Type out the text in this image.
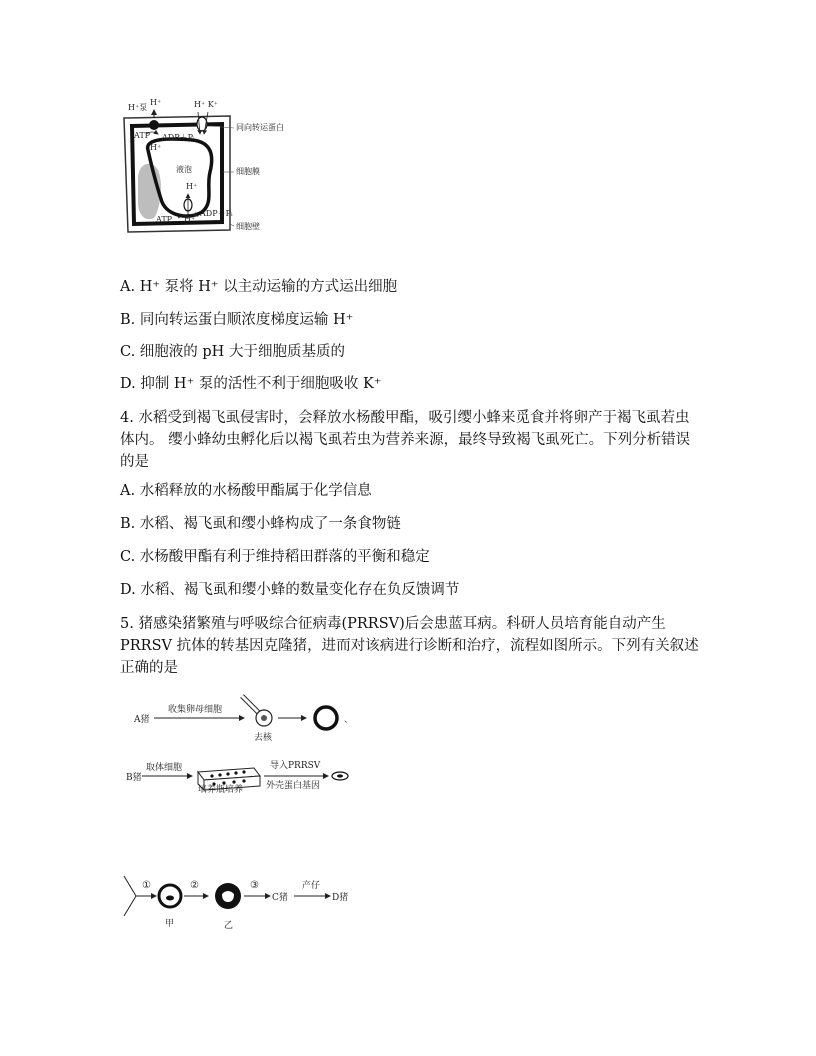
H⁺泵
H⁺	H⁺ K⁺
ATP ADP＋Pᵢ
H⁺
同向转运蛋白
液泡	细胞膜
H⁺
ADP＋Pᵢ
ATP H⁺
细胞壁
A. H⁺ 泵将 H⁺ 以主动运输的方式运出细胞
B. 同向转运蛋白顺浓度梯度运输 H⁺
C. 细胞液的 pH 大于细胞质基质的
D. 抑制 H⁺ 泵的活性不利于细胞吸收 K⁺
4. 水稻受到褐飞虱侵害时，会释放水杨酸甲酯，吸引缨小蜂来觅食并将卵产于褐飞虱若虫体内。 缨小蜂幼虫孵化后以褐飞虱若虫为营养来源，最终导致褐飞虱死亡。下列分析错误的是
A. 水稻释放的水杨酸甲酯属于化学信息
B. 水稻、褐飞虱和缨小蜂构成了一条食物链
C. 水杨酸甲酯有利于维持稻田群落的平衡和稳定
D. 水稻、褐飞虱和缨小蜂的数量变化存在负反馈调节
5. 猪感染猪繁殖与呼吸综合征病毒(PRRSV)后会患蓝耳病。科研人员培育能自动产生 PRRSV 抗体的转基因克隆猪，进而对该病进行诊断和治疗，流程如图所示。下列有关叙述正确的是
A猪
收集卵母细胞
去核
、
B猪
取体细胞	导入PRRSV
外壳蛋白基因
培养瓶培养
①
甲
②
乙
③
C猪
产仔
D猪
